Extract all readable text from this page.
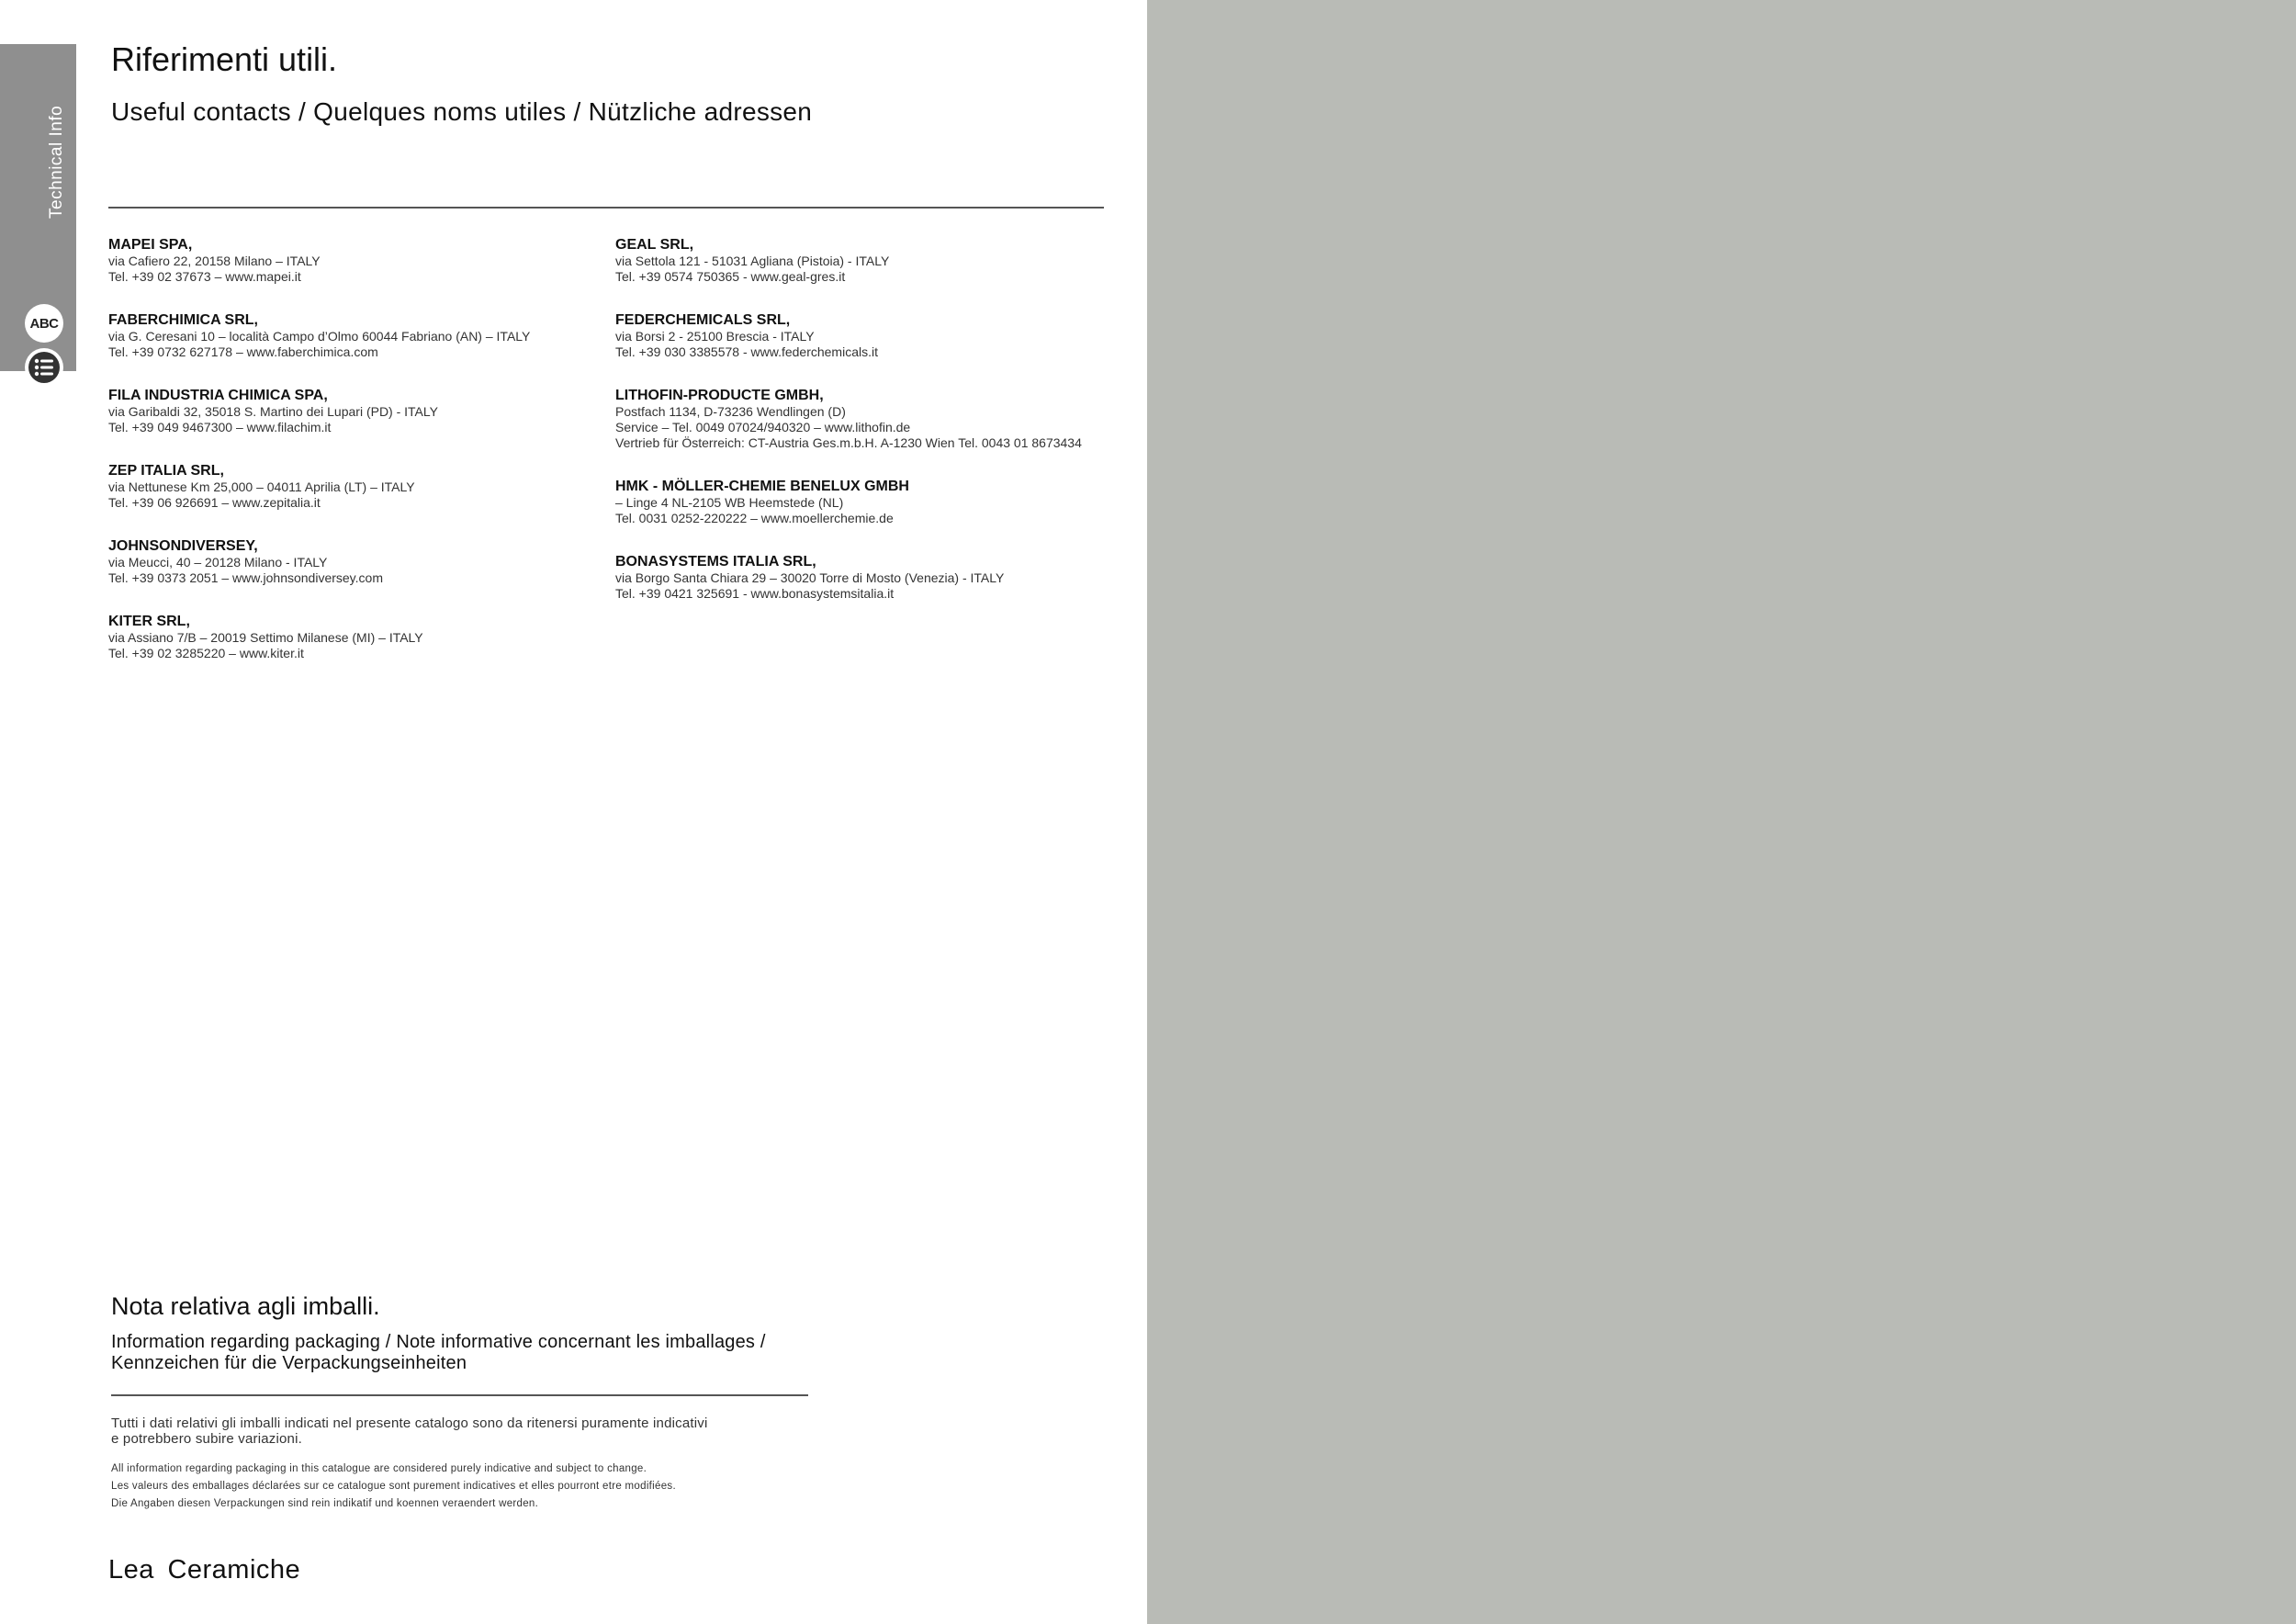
Technical Info
ABC
Riferimenti utili.
Useful contacts / Quelques noms utiles / Nützliche adressen
MAPEI SPA,
via Cafiero 22, 20158 Milano – ITALY
Tel. +39 02 37673 – www.mapei.it
FABERCHIMICA SRL,
via G. Ceresani 10 – località Campo d’Olmo 60044 Fabriano (AN) – ITALY
Tel. +39 0732 627178 – www.faberchimica.com
FILA INDUSTRIA CHIMICA SPA,
via Garibaldi 32, 35018 S. Martino dei Lupari (PD) - ITALY
Tel. +39 049 9467300 – www.filachim.it
ZEP ITALIA SRL,
via Nettunese Km 25,000 – 04011 Aprilia (LT) – ITALY
Tel. +39 06 926691 – www.zepitalia.it
JOHNSONDIVERSEY,
via Meucci, 40 – 20128 Milano - ITALY
Tel. +39 0373 2051 – www.johnsondiversey.com
KITER SRL,
via Assiano 7/B – 20019 Settimo Milanese (MI) – ITALY
Tel. +39 02 3285220 – www.kiter.it
GEAL SRL,
via Settola 121 - 51031 Agliana (Pistoia) - ITALY
Tel. +39 0574 750365 - www.geal-gres.it
FEDERCHEMICALS SRL,
via Borsi 2 - 25100 Brescia - ITALY
Tel. +39 030 3385578 - www.federchemicals.it
LITHOFIN-PRODUCTE GMBH,
Postfach 1134, D-73236 Wendlingen (D)
Service – Tel. 0049 07024/940320 – www.lithofin.de
Vertrieb für Österreich: CT-Austria Ges.m.b.H. A-1230 Wien Tel. 0043 01 8673434
HMK - MÖLLER-CHEMIE BENELUX GMBH
– Linge 4 NL-2105 WB Heemstede (NL)
Tel. 0031 0252-220222 – www.moellerchemie.de
BONASYSTEMS ITALIA SRL,
via Borgo Santa Chiara 29 – 30020 Torre di Mosto (Venezia) - ITALY
Tel. +39 0421 325691 - www.bonasystemsitalia.it
Nota relativa agli imballi.
Information regarding packaging / Note informative concernant les imballages /
Kennzeichen für die Verpackungseinheiten
Tutti i dati relativi gli imballi indicati nel presente catalogo sono da ritenersi puramente indicativi
e potrebbero subire variazioni.
All information regarding packaging in this catalogue are considered purely indicative and subject to change.
Les valeurs des emballages déclarées sur ce catalogue sont purement indicatives et elles pourront etre modifiées.
Die Angaben diesen Verpackungen sind rein indikatif und koennen veraendert werden.
Lea Ceramiche
